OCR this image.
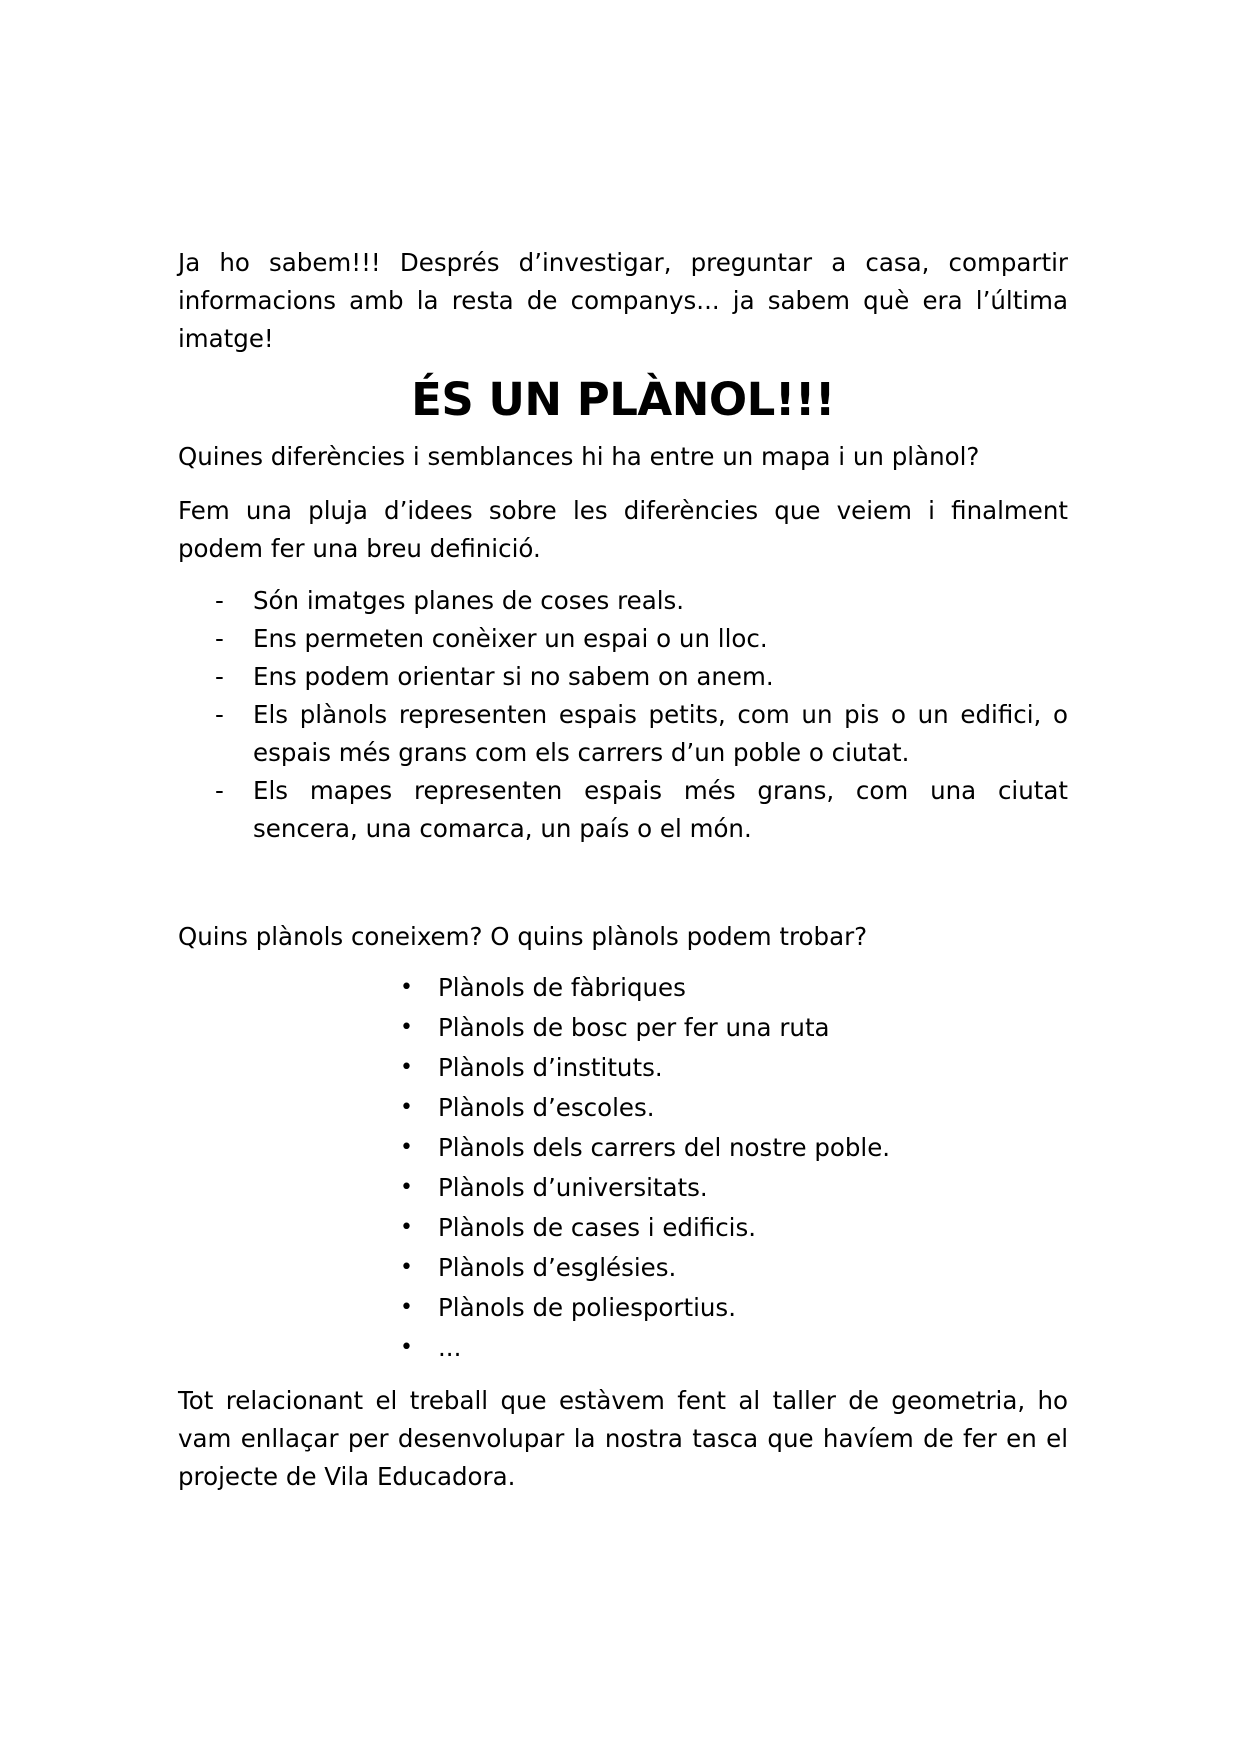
Ja ho sabem!!! Després d’investigar, preguntar a casa, compartir informacions amb la resta de companys... ja sabem què era l’última imatge!

ÉS UN PLÀNOL!!!

Quines diferències i semblances hi ha entre un mapa i un plànol?

Fem una pluja d’idees sobre les diferències que veiem i finalment podem fer una breu definició.

- Són imatges planes de coses reals.
- Ens permeten conèixer un espai o un lloc.
- Ens podem orientar si no sabem on anem.
- Els plànols representen espais petits, com un pis o un edifici, o espais més grans com els carrers d’un poble o ciutat.
- Els mapes representen espais més grans, com una ciutat sencera, una comarca, un país o el món.

Quins plànols coneixem? O quins plànols podem trobar?

• Plànols de fàbriques
• Plànols de bosc per fer una ruta
• Plànols d’instituts.
• Plànols d’escoles.
• Plànols dels carrers del nostre poble.
• Plànols d’universitats.
• Plànols de cases i edificis.
• Plànols d’esglésies.
• Plànols de poliesportius.
• ...

Tot relacionant el treball que estàvem fent al taller de geometria, ho vam enllaçar per desenvolupar la nostra tasca que havíem de fer en el projecte de Vila Educadora.
